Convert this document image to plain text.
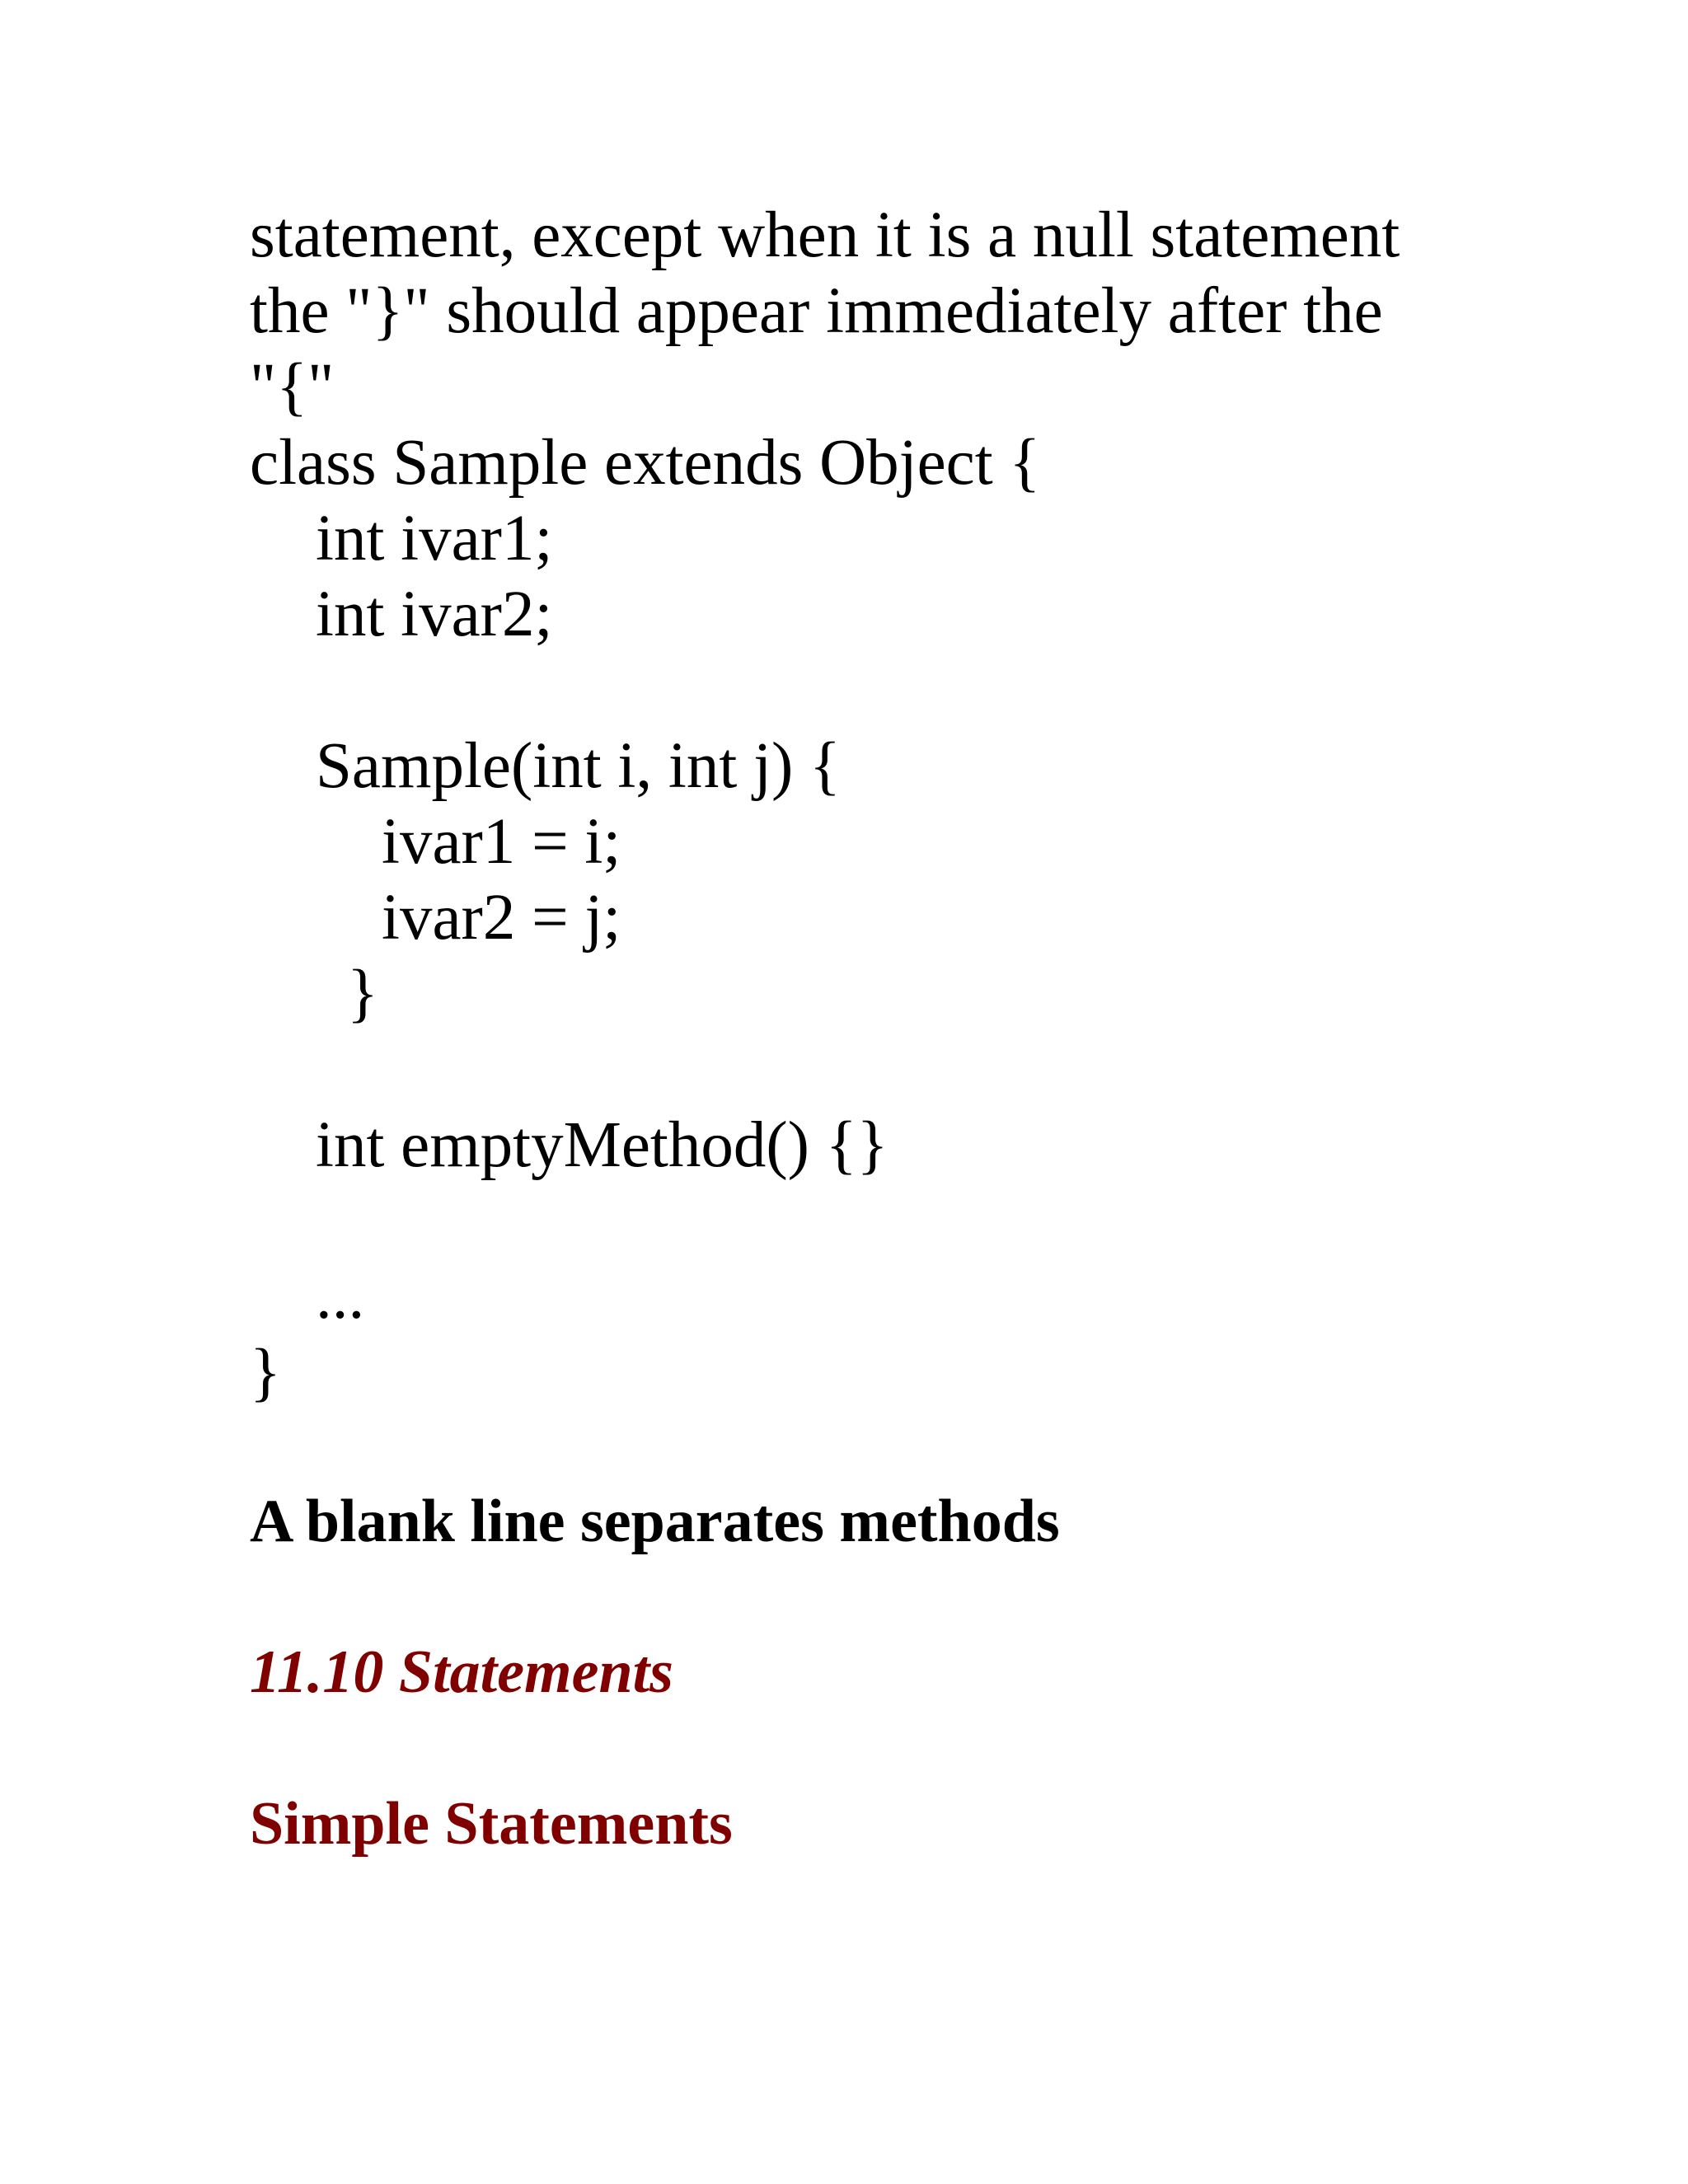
statement, except when it is a null statement
the "}" should appear immediately after the
"{"
class Sample extends Object {
int ivar1;
int ivar2;
Sample(int i, int j) {
ivar1 = i;
ivar2 = j;
}
int emptyMethod() {}
...
}
A blank line separates methods
11.10 Statements
Simple Statements
